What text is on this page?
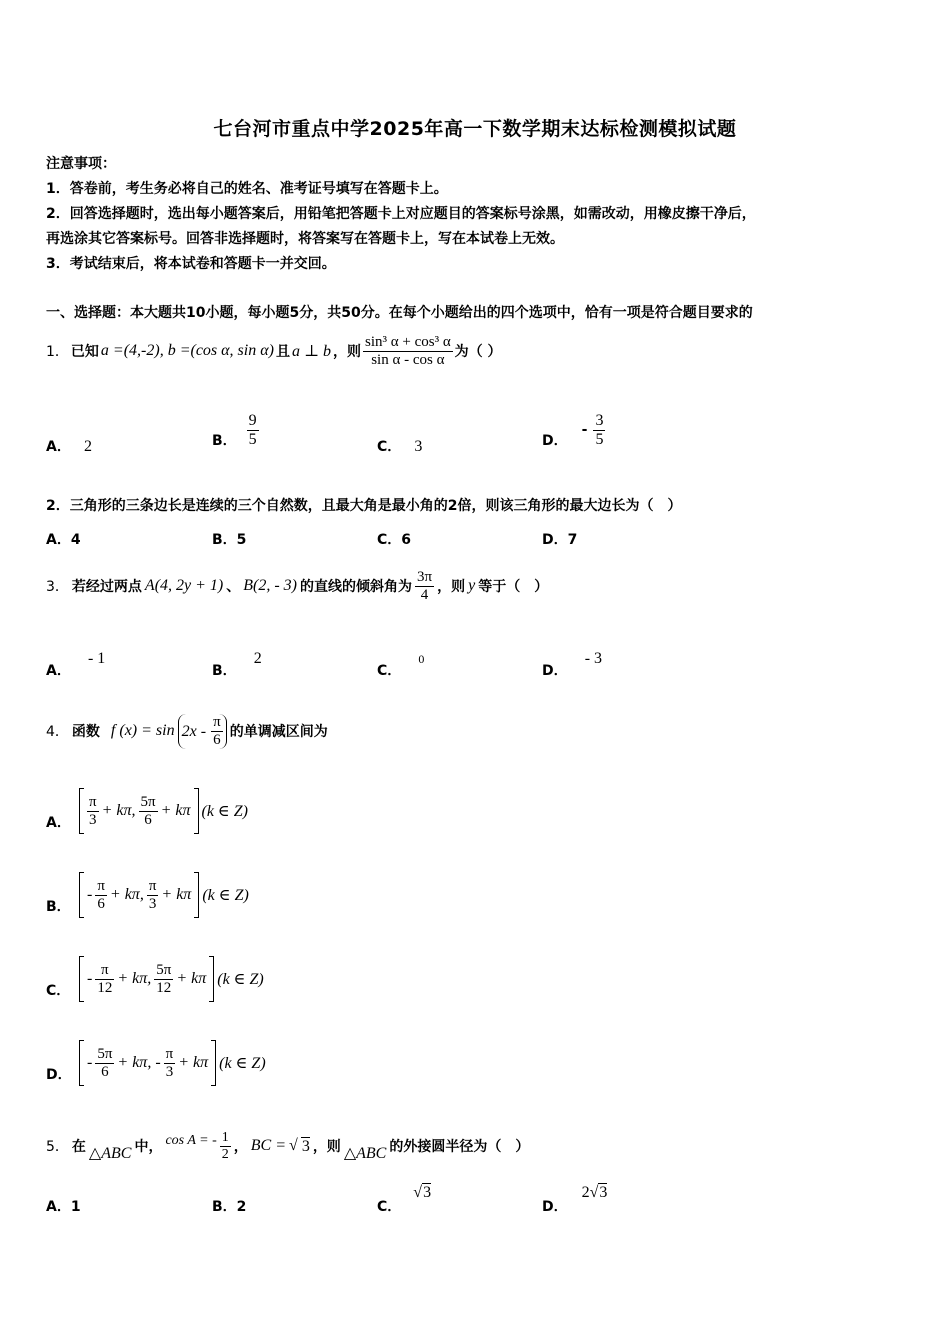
七台河市重点中学2025年高一下数学期末达标检测模拟试题
注意事项：
1．答卷前，考生务必将自己的姓名、准考证号填写在答题卡上。
2．回答选择题时，选出每小题答案后，用铅笔把答题卡上对应题目的答案标号涂黑，如需改动，用橡皮擦干净后，
再选涂其它答案标号。回答非选择题时，将答案写在答题卡上，写在本试卷上无效。
3．考试结束后，将本试卷和答题卡一并交回。
一、选择题：本大题共10小题，每小题5分，共50分。在每个小题给出的四个选项中，恰有一项是符合题目要求的
1． 已知 a =(4,-2), b =(cos α, sin α) 且 a ⊥ b ，则 $\frac{\text{sin³ α + cos³ α}}{\text{sin α - cos α}}$ 为（ ）
A． 2	B． $\frac{9}{5}$	C． 3	D．
- $\frac{3}{5}$
2．三角形的三条边长是连续的三个自然数，且最大角是最小角的2倍，则该三角形的最大边长为（　）
A．4	B．5	C．6	D．7
3． 若经过两点 A(4, 2y + 1) 、 B(2, - 3) 的直线的倾斜角为 $\frac{3\pi}{4}$ ，则 y 等于（　）
A． - 1
B． 2
C． 0
D． - 3
4． 函数 f $(x) = \sin 2x - \frac{\pi}{6}$ 的单调减区间为
A．	$\frac{\pi}{3} + k\pi$, $\frac{5\pi}{6} + k\pi$ (k ∈ Z)
B．
- $\frac{\pi}{6} + k\pi$, $\frac{\pi}{3} + k\pi$ (k ∈ Z)
C．
- $\frac{\pi}{12} + k\pi$, $\frac{5\pi}{12} + k\pi$ (k ∈ Z)
D．
- $\frac{5\pi}{6} + k\pi$, - $\frac{\pi}{3} + k\pi$ (k ∈ Z)
5． 在 △ABC 中， cos A = - $\frac{1}{2}$ ， BC = √ 3 ，则 △ABC 的外接圆半径为（　）
A．1	B．2	C．
√3
D．
2√3
